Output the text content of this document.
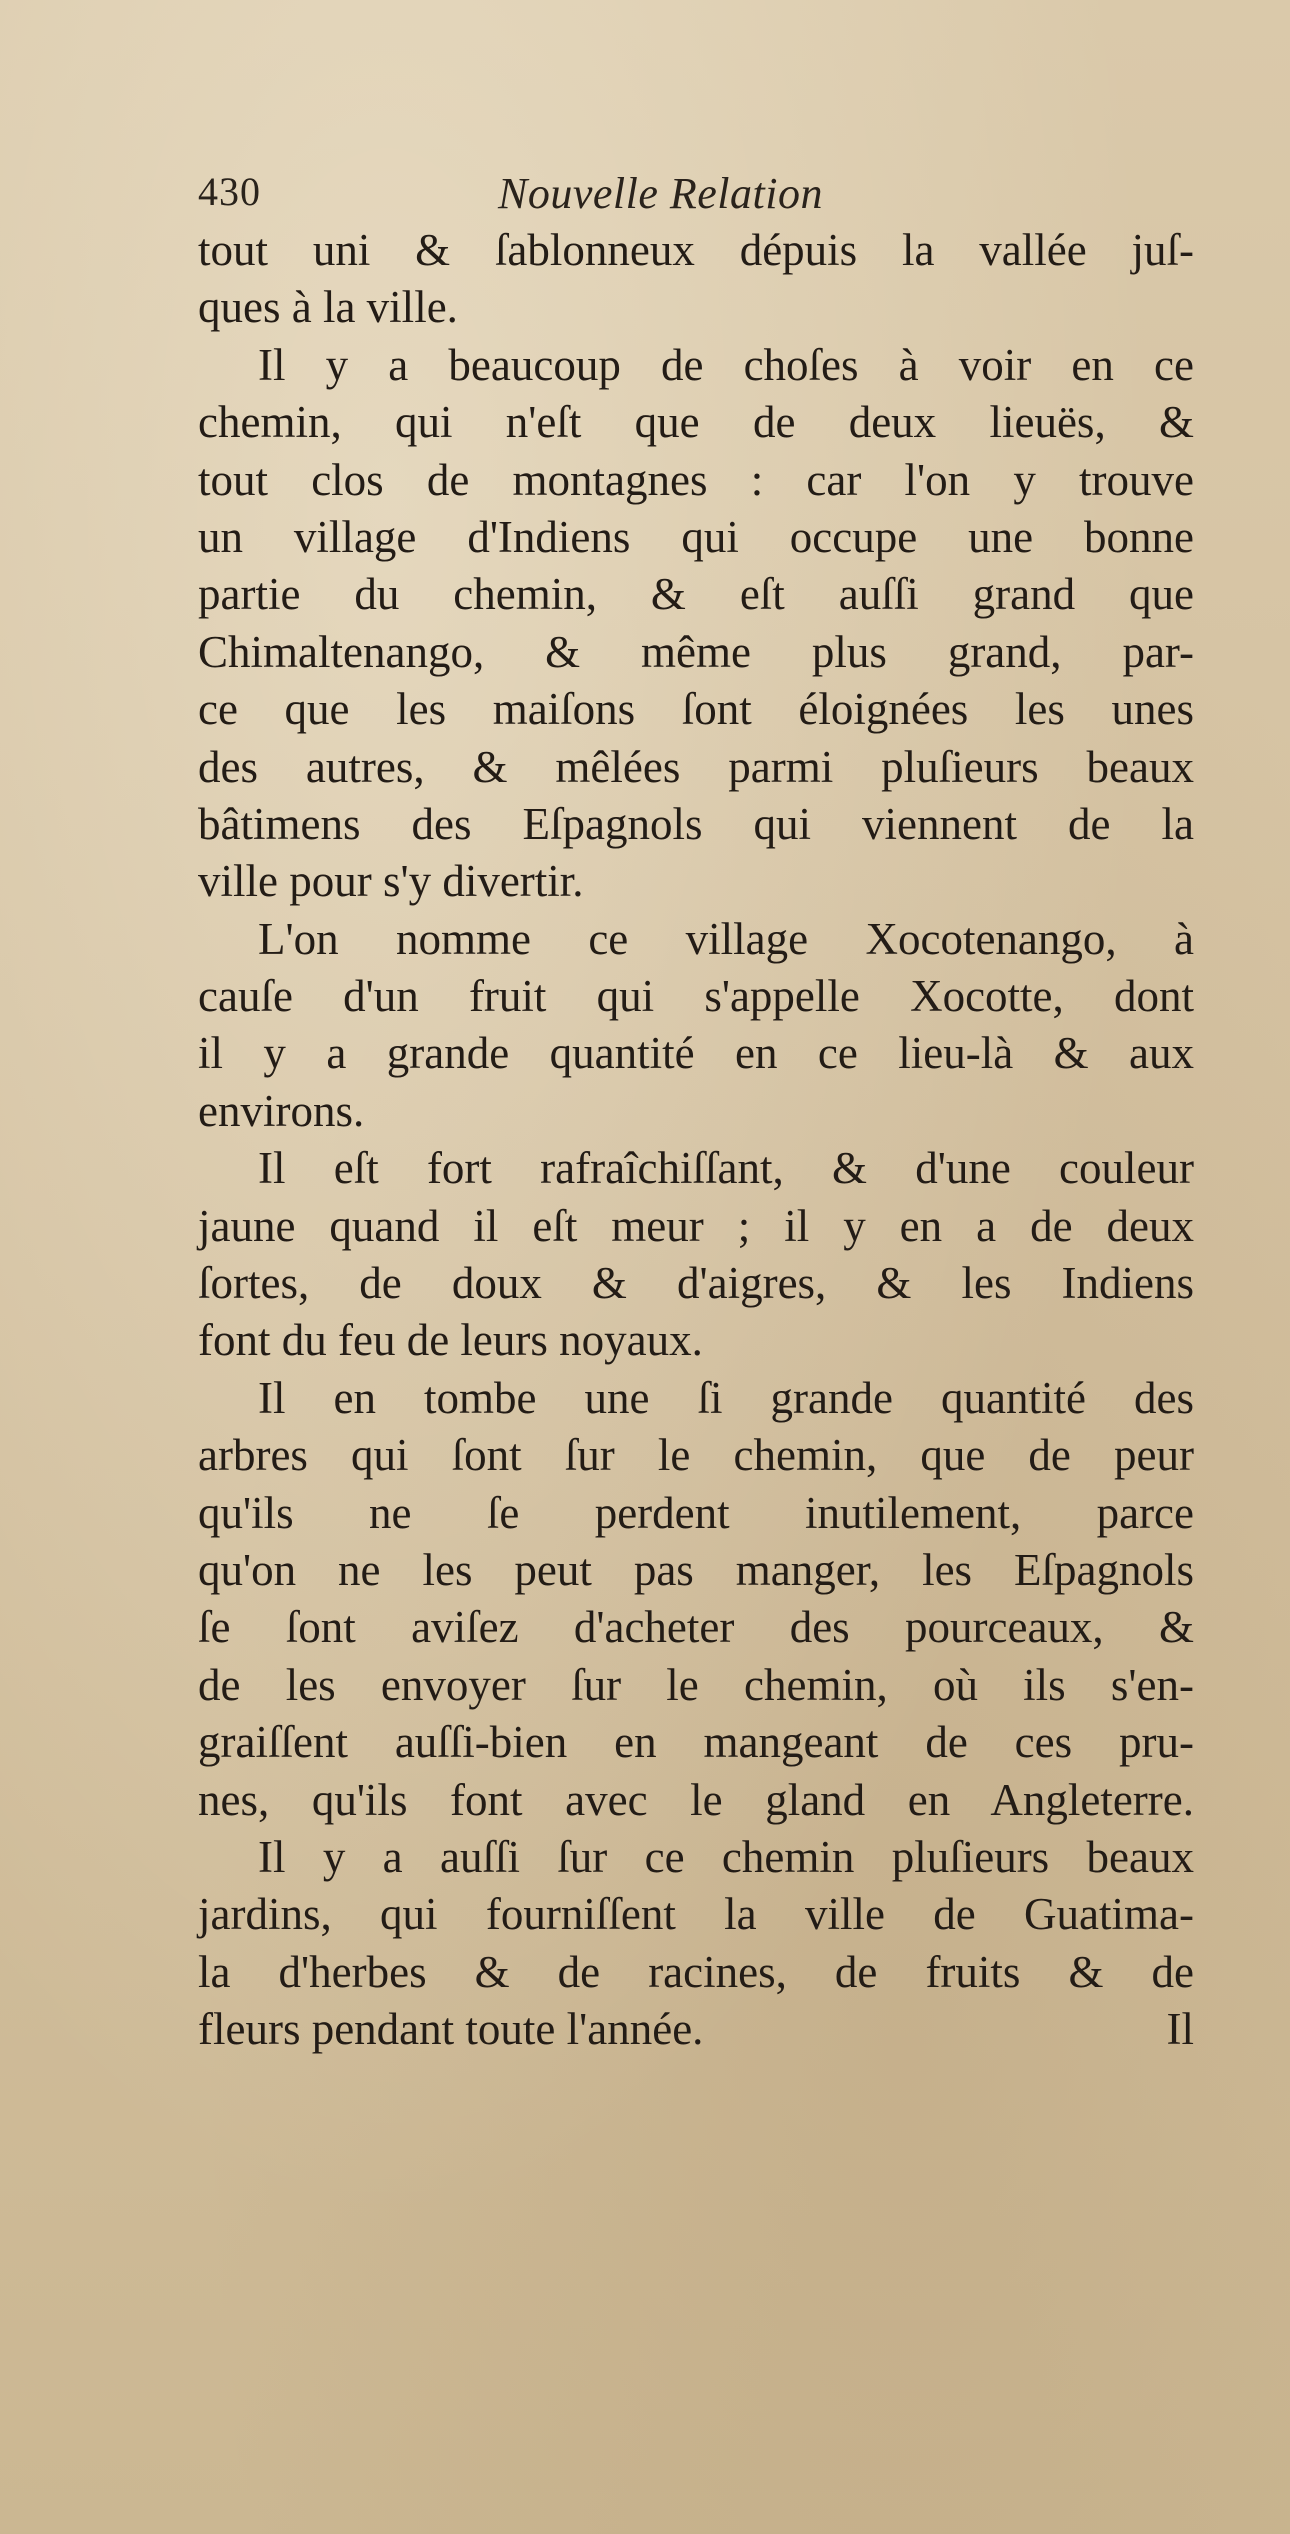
430	Nouvelle Relation
tout uni & ſablonneux dépuis la vallée juſ-
ques à la ville.
Il y a beaucoup de choſes à voir en ce
chemin, qui n'eſt que de deux lieuës, &
tout clos de montagnes : car l'on y trouve
un village d'Indiens qui occupe une bonne
partie du chemin, & eſt auſſi grand que
Chimaltenango, & même plus grand, par-
ce que les maiſons ſont éloignées les unes
des autres, & mêlées parmi pluſieurs beaux
bâtimens des Eſpagnols qui viennent de la
ville pour s'y divertir.
L'on nomme ce village Xocotenango, à
cauſe d'un fruit qui s'appelle Xocotte, dont
il y a grande quantité en ce lieu-là & aux
environs.
Il eſt fort rafraîchiſſant, & d'une couleur
jaune quand il eſt meur ; il y en a de deux
ſortes, de doux & d'aigres, & les Indiens
font du feu de leurs noyaux.
Il en tombe une ſi grande quantité des
arbres qui ſont ſur le chemin, que de peur
qu'ils ne ſe perdent inutilement, parce
qu'on ne les peut pas manger, les Eſpagnols
ſe ſont aviſez d'acheter des pourceaux, &
de les envoyer ſur le chemin, où ils s'en-
graiſſent auſſi-bien en mangeant de ces pru-
nes, qu'ils font avec le gland en Angleterre.
Il y a auſſi ſur ce chemin pluſieurs beaux
jardins, qui fourniſſent la ville de Guatima-
la d'herbes & de racines, de fruits & de
fleurs pendant toute l'année.	Il
